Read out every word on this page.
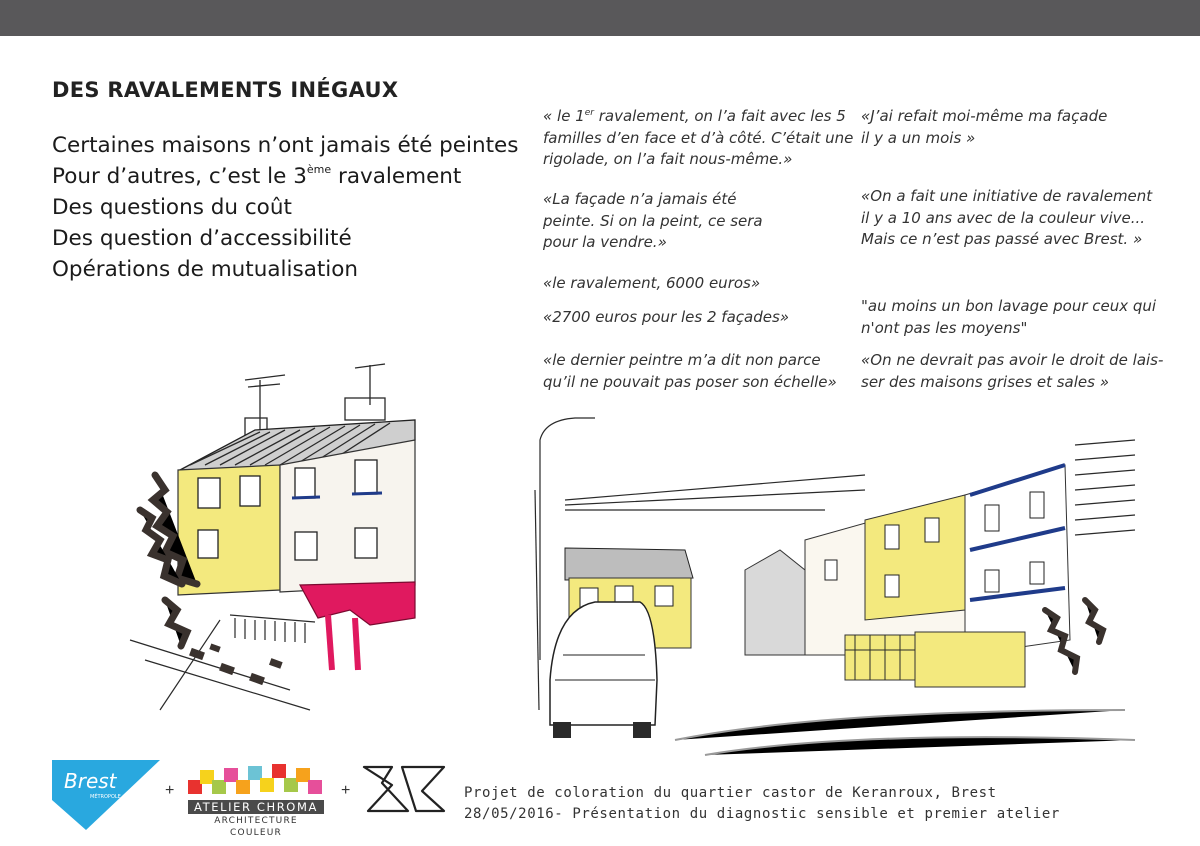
DES RAVALEMENTS INÉGAUX
Certaines maisons n’ont jamais été peintes
Pour d’autres, c’est le 3ème ravalement
Des questions du coût
Des question d’accessibilité
Opérations de mutualisation
« le 1er ravalement, on l’a fait avec les 5
familles d’en face et d’à côté. C’était une
rigolade, on l’a fait nous-même.»
«La façade n’a jamais été
peinte. Si on la peint, ce sera
pour la vendre.»
«le ravalement, 6000 euros»
«2700 euros pour les 2 façades»
«le dernier peintre m’a dit non parce
qu’il ne pouvait pas poser son échelle»
«J’ai refait moi-même ma façade
il y a un mois »
«On a fait une initiative de ravalement
il y a 10 ans avec de la couleur vive...
Mais ce n’est pas passé avec Brest. »
"au moins un bon lavage pour ceux qui
n'ont pas les moyens"
«On ne devrait pas avoir le droit de lais-
ser des maisons grises et sales »
Brest
MÉTROPOLE	+
ATELIER CHROMA
ARCHITECTURE COULEUR
+	Projet de coloration du quartier castor de Keranroux, Brest
28/05/2016- Présentation du diagnostic sensible et premier atelier
